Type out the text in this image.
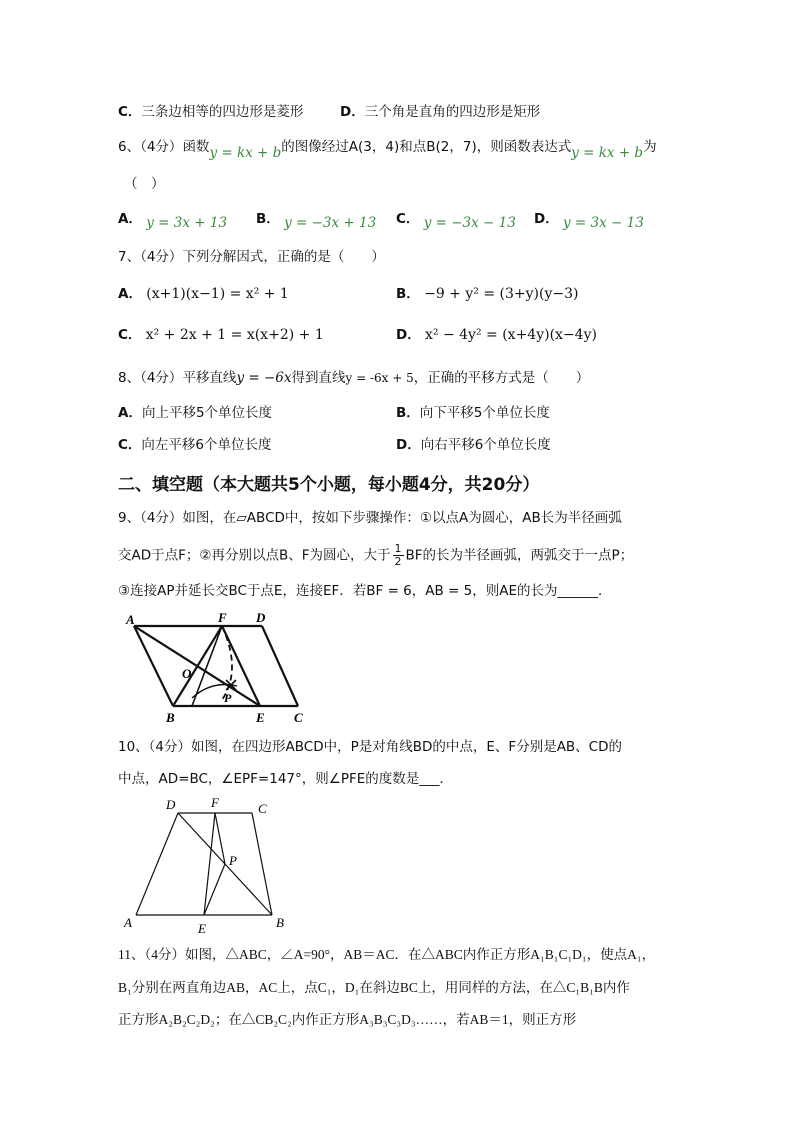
C．三条边相等的四边形是菱形	D．三个角是直角的四边形是矩形
6、（4分）函数y = kx + b的图像经过A(3，4)和点B(2，7)，则函数表达式y = kx + b为
（　）
A． y = 3x + 13 B． y = −3x + 13 C． y = −3x − 13 D． y = 3x − 13
7、（4分）下列分解因式，正确的是（　　）
A． (x+1)(x−1) = x² + 1	B． −9 + y² = (3+y)(y−3)
C． x² + 2x + 1 = x(x+2) + 1	D． x² − 4y² = (x+4y)(x−4y)
8、（4分）平移直线y = −6x得到直线y = -6x + 5，正确的平移方式是（　　）
A．向上平移5个单位长度	B．向下平移5个单位长度
C．向左平移6个单位长度	D．向右平移6个单位长度
二、填空题（本大题共5个小题，每小题4分，共20分）
9、（4分）如图，在▱ABCD中，按如下步骤操作：①以点A为圆心，AB长为半径画弧
交AD于点F；②再分别以点B、F为圆心，大于 $\frac{1}{2}$ BF的长为半径画弧，两弧交于一点P；
③连接AP并延长交BC于点E，连接EF．若BF = 6，AB = 5，则AE的长为______．
A	F D
O
P
B	E C
10、（4分）如图，在四边形ABCD中，P是对角线BD的中点，E、F分别是AB、CD的
中点，AD=BC，∠EPF=147°，则∠PFE的度数是___．
D	F	C
P
A	E	B
11、（4分）如图，△ABC，∠A=90°，AB＝AC．在△ABC内作正方形A₁B₁C₁D₁，使点A₁，
B₁分别在两直角边AB，AC上，点C₁，D₁在斜边BC上，用同样的方法，在△C₁B₁B内作
正方形A₂B₂C₂D₂；在△CB₂C₂内作正方形A₃B₃C₃D₃……，若AB＝1，则正方形
